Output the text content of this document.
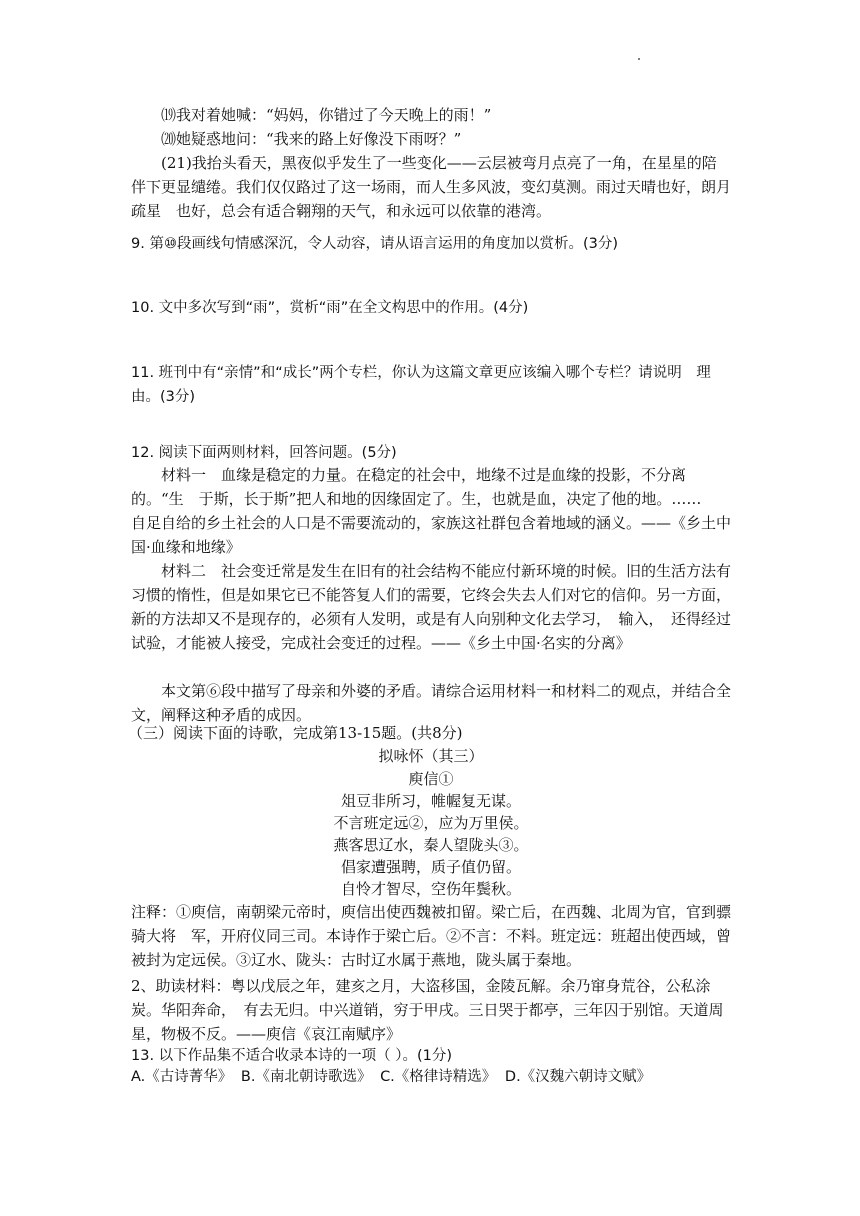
⒆我对着她喊：“妈妈，你错过了今天晚上的雨！”

⒇她疑惑地问：“我来的路上好像没下雨呀？”

(21)我抬头看天，黑夜似乎发生了一些变化——云层被弯月点亮了一角，在星星的陪伴下更显缱绻。我们仅仅路过了这一场雨，而人生多风波，变幻莫测。雨过天晴也好，朗月疏星　也好，总会有适合翱翔的天气，和永远可以依靠的港湾。

9. 第⑩段画线句情感深沉，令人动容，请从语言运用的角度加以赏析。(3分)

10. 文中多次写到“雨”，赏析“雨”在全文构思中的作用。(4分)

11. 班刊中有“亲情”和“成长”两个专栏，你认为这篇文章更应该编入哪个专栏？请说明　理由。(3分)

12. 阅读下面两则材料，回答问题。(5分)

材料一　血缘是稳定的力量。在稳定的社会中，地缘不过是血缘的投影，不分离的。“生　于斯，长于斯”把人和地的因缘固定了。生，也就是血，决定了他的地。……　自足自给的乡土社会的人口是不需要流动的，家族这社群包含着地域的涵义。——《乡土中国·血缘和地缘》

材料二　社会变迁常是发生在旧有的社会结构不能应付新环境的时候。旧的生活方法有习惯的惰性，但是如果它已不能答复人们的需要，它终会失去人们对它的信仰。另一方面，新的方法却又不是现存的，必须有人发明，或是有人向别种文化去学习，　输入，　还得经过试验，才能被人接受，完成社会变迁的过程。——《乡土中国·名实的分离》

本文第⑥段中描写了母亲和外婆的矛盾。请综合运用材料一和材料二的观点，并结合全文，阐释这种矛盾的成因。

（三）阅读下面的诗歌，完成第13-15题。(共8分)

拟咏怀（其三）

庾信①

俎豆非所习，帷幄复无谋。

不言班定远②，应为万里侯。

燕客思辽水，秦人望陇头③。

倡家遭强聘，质子值仍留。

自怜才智尽，空伤年鬓秋。

注释：①庾信，南朝梁元帝时，庾信出使西魏被扣留。梁亡后，在西魏、北周为官，官到骠骑大将　军，开府仪同三司。本诗作于梁亡后。②不言：不料。班定远：班超出使西域，曾被封为定远侯。③辽水、陇头：古时辽水属于燕地，陇头属于秦地。

2、助读材料：粤以戊辰之年，建亥之月，大盗移国，金陵瓦解。余乃窜身荒谷，公私涂炭。华阳奔命，　有去无归。中兴道销，穷于甲戌。三日哭于都亭，三年囚于别馆。天道周星，物极不反。——庾信《哀江南赋序》

13. 以下作品集不适合收录本诗的一项（ ）。(1分)

A.《古诗菁华》 B.《南北朝诗歌选》 C.《格律诗精选》 D.《汉魏六朝诗文赋》
